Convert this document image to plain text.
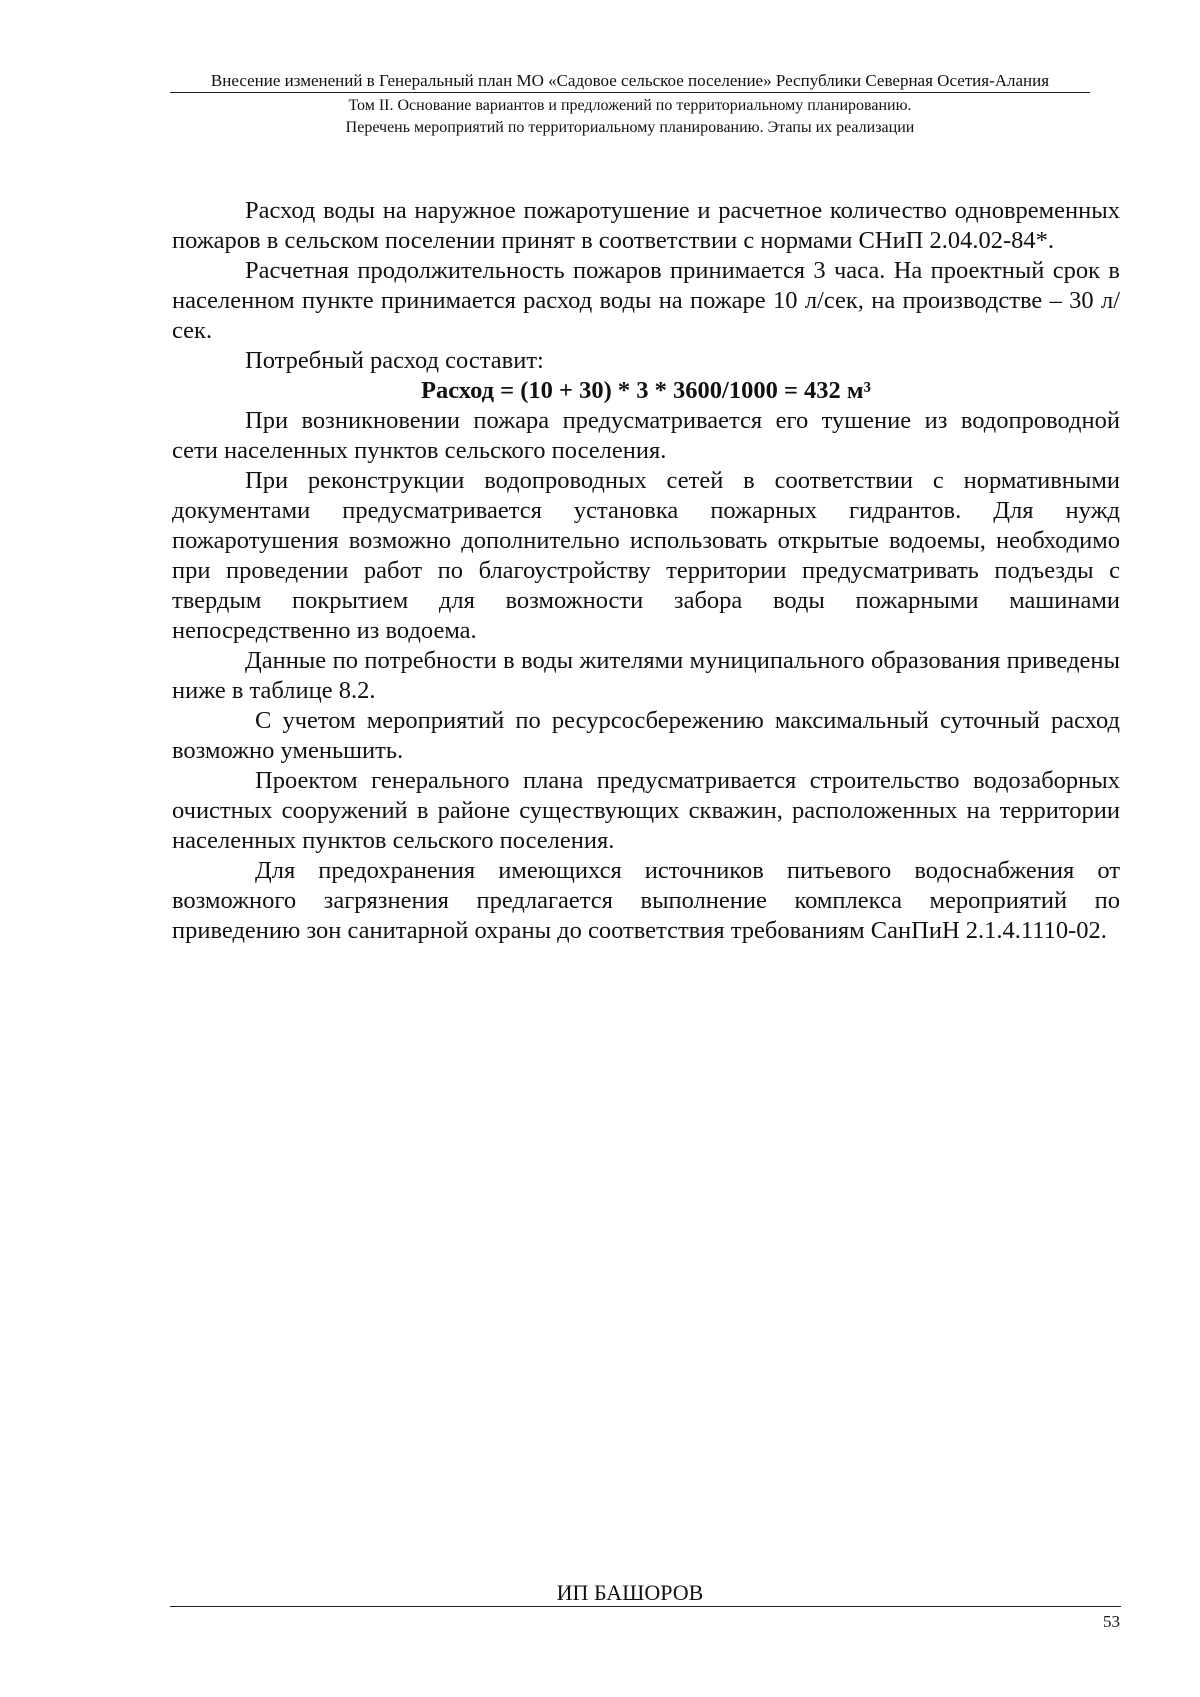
Внесение изменений в Генеральный план МО «Садовое сельское поселение» Республики Северная Осетия-Алания
Том II. Основание вариантов и предложений по территориальному планированию.
Перечень мероприятий по территориальному планированию. Этапы их реализации

Расход воды на наружное пожаротушение и расчетное количество одновременных пожаров в сельском поселении принят в соответствии с нормами СНиП 2.04.02-84*.

Расчетная продолжительность пожаров принимается 3 часа. На проектный срок в населенном пункте принимается расход воды на пожаре 10 л/сек, на производстве – 30 л/сек.

Потребный расход составит:

Расход = (10 + 30) * 3 * 3600/1000 = 432 м³

При возникновении пожара предусматривается его тушение из водопроводной сети населенных пунктов сельского поселения.

При реконструкции водопроводных сетей в соответствии с нормативными документами предусматривается установка пожарных гидрантов. Для нужд пожаротушения возможно дополнительно использовать открытые водоемы, необходимо при проведении работ по благоустройству территории предусматривать подъезды с твердым покрытием для возможности забора воды пожарными машинами непосредственно из водоема.

Данные по потребности в воды жителями муниципального образования приведены ниже в таблице 8.2.

С учетом мероприятий по ресурсосбережению максимальный суточный расход возможно уменьшить.

Проектом генерального плана предусматривается строительство водозаборных очистных сооружений в районе существующих скважин, расположенных на территории населенных пунктов сельского поселения.

Для предохранения имеющихся источников питьевого водоснабжения от возможного загрязнения предлагается выполнение комплекса мероприятий по приведению зон санитарной охраны до соответствия требованиям СанПиН 2.1.4.1110-02.

ИП БАШОРОВ
53
